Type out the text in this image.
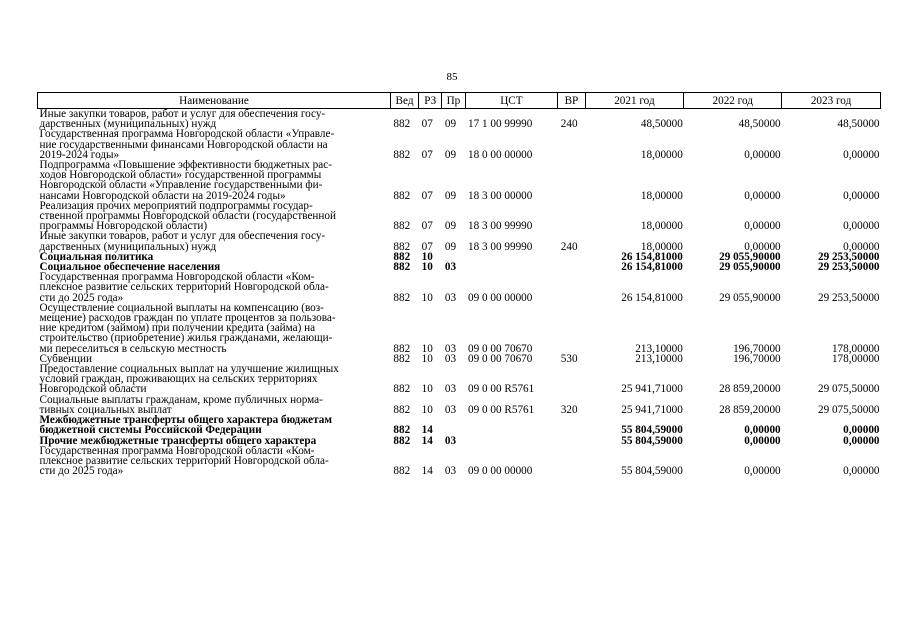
85
Наименование	Вед	РЗ	Пр	ЦСТ	ВР	2021 год	2022 год	2023 год

Иные закупки товаров, работ и услуг для обеспечения госу-
дарственных (муниципальных) нужд	882	07	09	17 1 00 99990	240	48,50000	48,50000	48,50000

Государственная программа Новгородской области «Управле-
ние государственными финансами Новгородской области на
2019-2024 годы»	882	07	09	18 0 00 00000		18,00000	0,00000	0,00000

Подпрограмма «Повышение эффективности бюджетных рас-
ходов Новгородской области» государственной программы
Новгородской области «Управление государственными фи-
нансами Новгородской области на 2019-2024 годы»	882	07	09	18 3 00 00000		18,00000	0,00000	0,00000

Реализация прочих мероприятий подпрограммы государ-
ственной программы Новгородской области (государственной
программы Новгородской области)	882	07	09	18 3 00 99990		18,00000	0,00000	0,00000

Иные закупки товаров, работ и услуг для обеспечения госу-
дарственных (муниципальных) нужд	882	07	09	18 3 00 99990	240	18,00000	0,00000	0,00000

Социальная политика	882	10				26 154,81000	29 055,90000	29 253,50000

Социальное обеспечение населения	882	10	03			26 154,81000	29 055,90000	29 253,50000

Государственная программа Новгородской области «Ком-
плексное развитие сельских территорий Новгородской обла-
сти до 2025 года»	882	10	03	09 0 00 00000		26 154,81000	29 055,90000	29 253,50000

Осуществление социальной выплаты на компенсацию (воз-
мещение) расходов граждан по уплате процентов за пользова-
ние кредитом (займом) при получении кредита (займа) на
строительство (приобретение) жилья гражданами, желающи-
ми переселиться в сельскую местность	882	10	03	09 0 00 70670		213,10000	196,70000	178,00000

Субвенции	882	10	03	09 0 00 70670	530	213,10000	196,70000	178,00000

Предоставление социальных выплат на улучшение жилищных
условий граждан, проживающих на сельских территориях
Новгородской области	882	10	03	09 0 00 R5761		25 941,71000	28 859,20000	29 075,50000

Социальные выплаты гражданам, кроме публичных норма-
тивных социальных выплат	882	10	03	09 0 00 R5761	320	25 941,71000	28 859,20000	29 075,50000

Межбюджетные трансферты общего характера бюджетам
бюджетной системы Российской Федерации	882	14				55 804,59000	0,00000	0,00000

Прочие межбюджетные трансферты общего характера	882	14	03			55 804,59000	0,00000	0,00000

Государственная программа Новгородской области «Ком-
плексное развитие сельских территорий Новгородской обла-
сти до 2025 года»	882	14	03	09 0 00 00000		55 804,59000	0,00000	0,00000
